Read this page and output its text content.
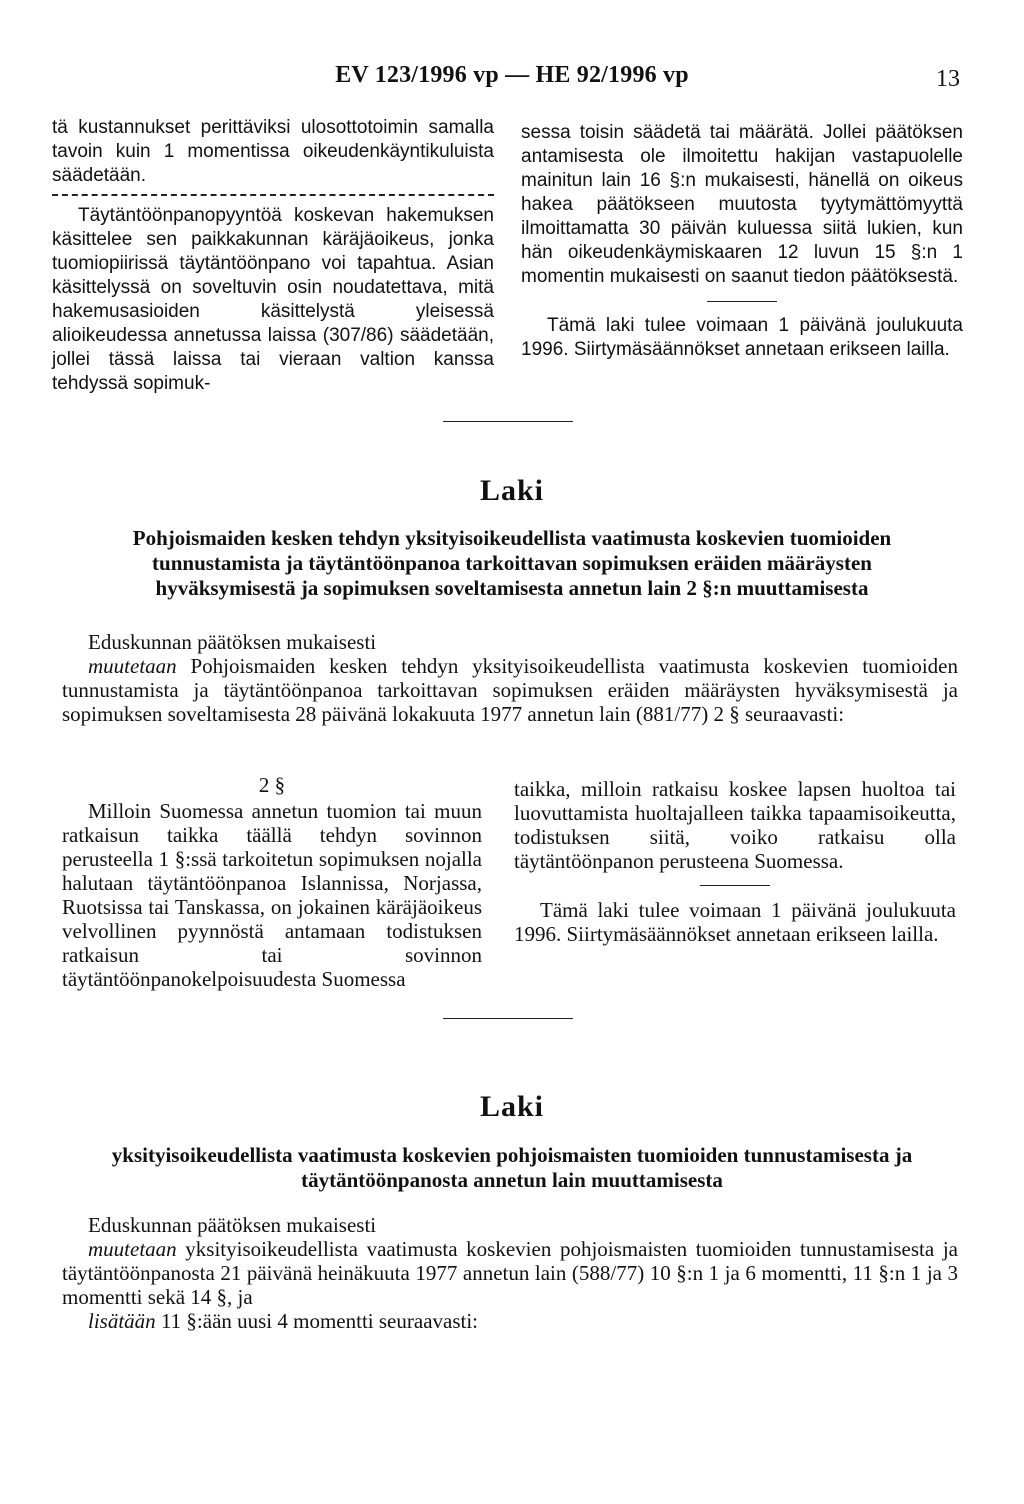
EV 123/1996 vp — HE 92/1996 vp	13

tä kustannukset perittäviksi ulosottotoimin samalla tavoin kuin 1 momentissa oikeudenkäyntikuluista säädetään.

Täytäntöönpanopyyntöä koskevan hakemuksen käsittelee sen paikkakunnan käräjäoikeus, jonka tuomiopiirissä täytäntöönpano voi tapahtua. Asian käsittelyssä on soveltuvin osin noudatettava, mitä hakemusasioiden käsittelystä yleisessä alioikeudessa annetussa laissa (307/86) säädetään, jollei tässä laissa tai vieraan valtion kanssa tehdyssä sopimuk-

sessa toisin säädetä tai määrätä. Jollei päätöksen antamisesta ole ilmoitettu hakijan vastapuolelle mainitun lain 16 §:n mukaisesti, hänellä on oikeus hakea päätökseen muutosta tyytymättömyyttä ilmoittamatta 30 päivän kuluessa siitä lukien, kun hän oikeudenkäymiskaaren 12 luvun 15 §:n 1 momentin mukaisesti on saanut tiedon päätöksestä.

Tämä laki tulee voimaan 1 päivänä joulukuuta 1996. Siirtymäsäännökset annetaan erikseen lailla.

Laki
Pohjoismaiden kesken tehdyn yksityisoikeudellista vaatimusta koskevien tuomioiden tunnustamista ja täytäntöönpanoa tarkoittavan sopimuksen eräiden määräysten hyväksymisestä ja sopimuksen soveltamisesta annetun lain 2 §:n muuttamisesta

Eduskunnan päätöksen mukaisesti

muutetaan Pohjoismaiden kesken tehdyn yksityisoikeudellista vaatimusta koskevien tuomioiden tunnustamista ja täytäntöönpanoa tarkoittavan sopimuksen eräiden määräysten hyväksymisestä ja sopimuksen soveltamisesta 28 päivänä lokakuuta 1977 annetun lain (881/77) 2 § seuraavasti:

2 §

Milloin Suomessa annetun tuomion tai muun ratkaisun taikka täällä tehdyn sovinnon perusteella 1 §:ssä tarkoitetun sopimuksen nojalla halutaan täytäntöönpanoa Islannissa, Norjassa, Ruotsissa tai Tanskassa, on jokainen käräjäoikeus velvollinen pyynnöstä antamaan todistuksen ratkaisun tai sovinnon täytäntöönpanokelpoisuudesta Suomessa

taikka, milloin ratkaisu koskee lapsen huoltoa tai luovuttamista huoltajalleen taikka tapaamisoikeutta, todistuksen siitä, voiko ratkaisu olla täytäntöönpanon perusteena Suomessa.

Tämä laki tulee voimaan 1 päivänä joulukuuta 1996. Siirtymäsäännökset annetaan erikseen lailla.

Laki
yksityisoikeudellista vaatimusta koskevien pohjoismaisten tuomioiden tunnustamisesta ja täytäntöönpanosta annetun lain muuttamisesta

Eduskunnan päätöksen mukaisesti

muutetaan yksityisoikeudellista vaatimusta koskevien pohjoismaisten tuomioiden tunnustamisesta ja täytäntöönpanosta 21 päivänä heinäkuuta 1977 annetun lain (588/77) 10 §:n 1 ja 6 momentti, 11 §:n 1 ja 3 momentti sekä 14 §, ja

lisätään 11 §:ään uusi 4 momentti seuraavasti:
